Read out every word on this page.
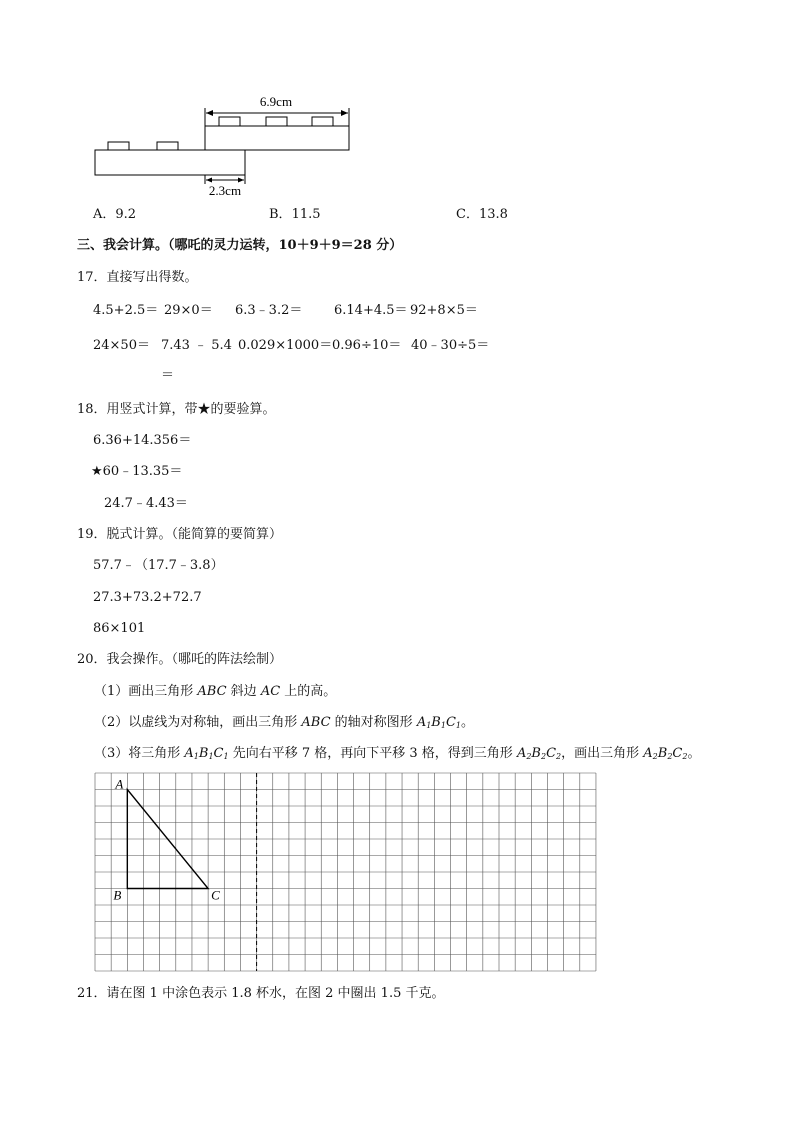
6.9cm
2.3cm
A．9.2	B．11.5	C．13.8
三、我会计算。（哪吒的灵力运转，10＋9＋9＝28 分）
17．直接写出得数。
4.5+2.5＝ 29×0＝ 6.3﹣3.2＝ 6.14+4.5＝ 92+8×5＝
24×50＝ 7.43 ﹣ 5.4 0.029×1000＝ 0.96÷10＝ 40﹣30÷5＝
＝
18．用竖式计算，带★的要验算。
6.36+14.356＝
★60﹣13.35＝
24.7﹣4.43＝
19．脱式计算。（能简算的要简算）
57.7﹣（17.7﹣3.8）
27.3+73.2+72.7
86×101
20．我会操作。（哪吒的阵法绘制）
（1）画出三角形 ABC 斜边 AC 上的高。
（2）以虚线为对称轴，画出三角形 ABC 的轴对称图形 $A_1B_1C_1$。
（3）将三角形 $A_1B_1C_1$ 先向右平移 7 格，再向下平移 3 格，得到三角形 $A_2B_2C_2$，画出三角形 $A_2B_2C_2$。
A
B	C
21．请在图 1 中涂色表示 1.8 杯水，在图 2 中圈出 1.5 千克。
